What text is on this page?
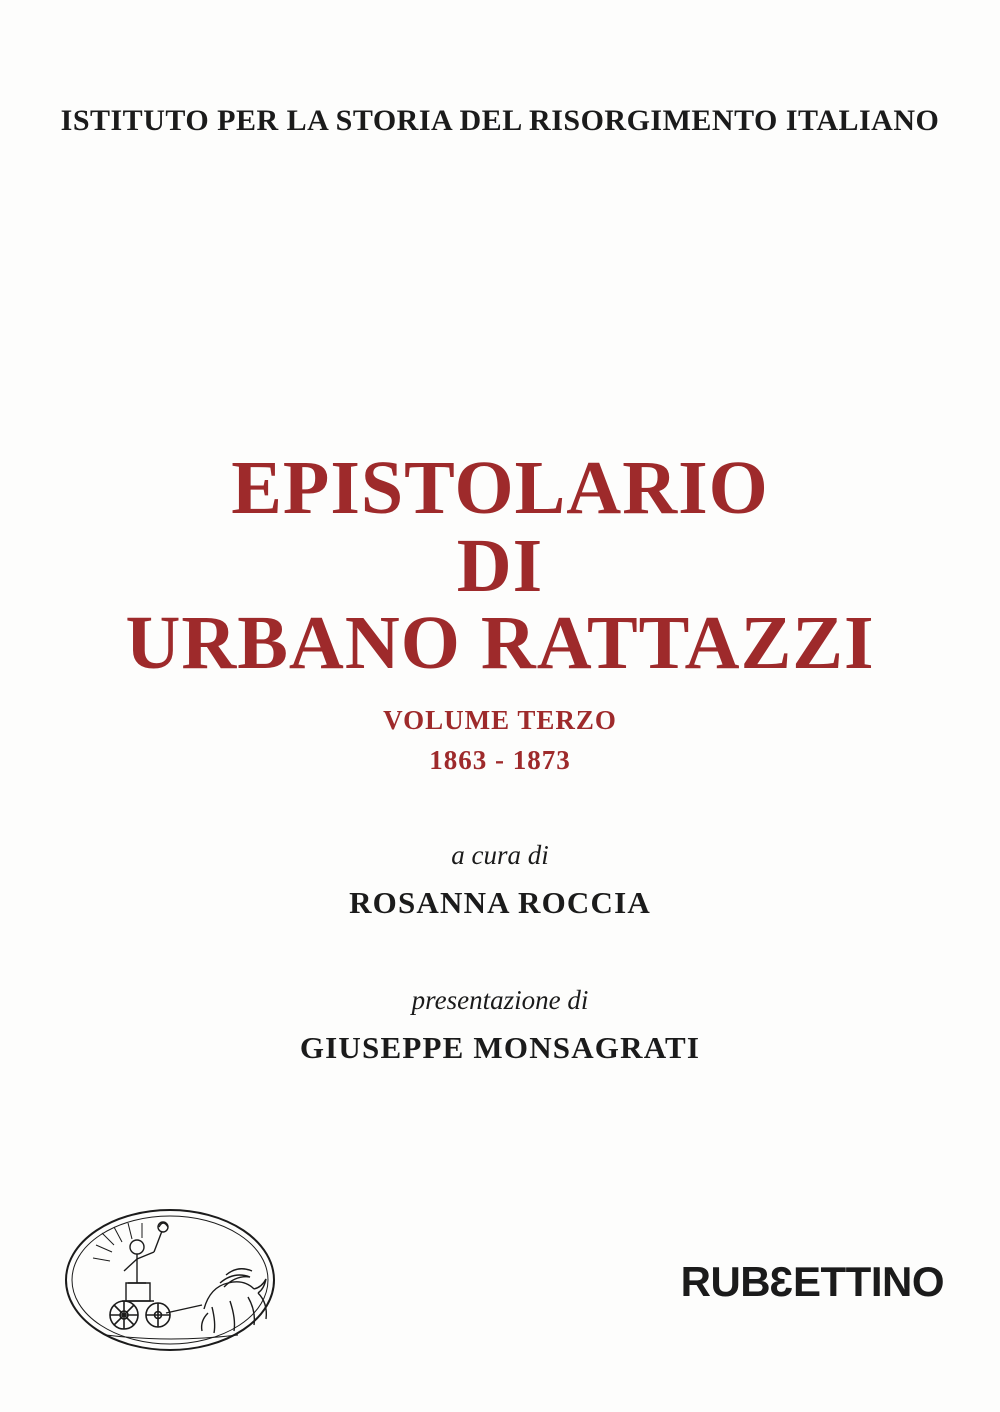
ISTITUTO PER LA STORIA DEL RISORGIMENTO ITALIANO
EPISTOLARIO
DI
URBANO RATTAZZI
VOLUME TERZO
1863 - 1873
a cura di
ROSANNA ROCCIA
presentazione di
GIUSEPPE MONSAGRATI
RUB3ETTINO
